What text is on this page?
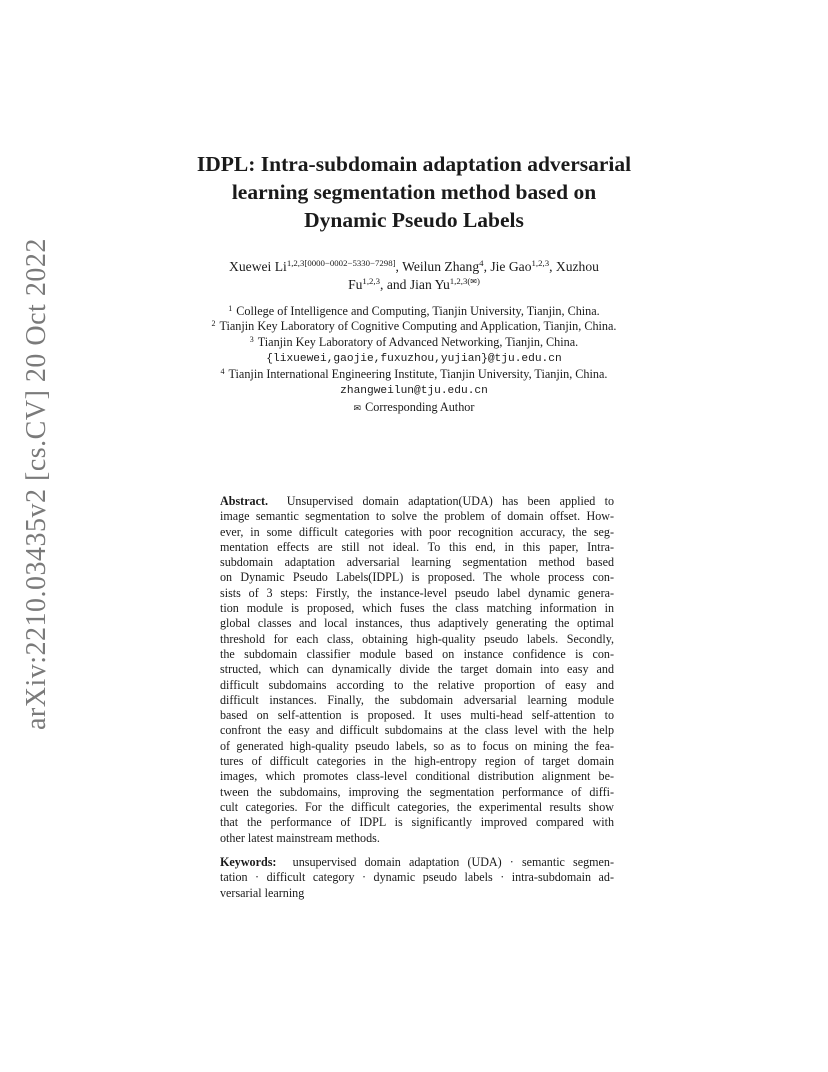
arXiv:2210.03435v2 [cs.CV] 20 Oct 2022
IDPL: Intra-subdomain adaptation adversarial
learning segmentation method based on
Dynamic Pseudo Labels
Xuewei $Li^{1,2,3[0000-0002-5330-7298]}$, Weilun Zhang$^4$, Jie Gao$^{1,2,3}$, Xuzhou
Fu$^{1,2,3}$, and Jian $Yu^{1,2,3(✉)}$
$^1$ College of Intelligence and Computing, Tianjin University, Tianjin, China.
$^2$ Tianjin Key Laboratory of Cognitive Computing and Application, Tianjin, China.
$^3$ Tianjin Key Laboratory of Advanced Networking, Tianjin, China.
{lixuewei,gaojie,fuxuzhou,yujian}@tju.edu.cn
$^4$ Tianjin International Engineering Institute, Tianjin University, Tianjin, China.
zhangweilun@tju.edu.cn
✉ Corresponding Author
Abstract. Unsupervised domain adaptation(UDA) has been applied to
image semantic segmentation to solve the problem of domain offset. How-
ever, in some difficult categories with poor recognition accuracy, the seg-
mentation effects are still not ideal. To this end, in this paper, Intra-
subdomain adaptation adversarial learning segmentation method based
on Dynamic Pseudo Labels(IDPL) is proposed. The whole process con-
sists of 3 steps: Firstly, the instance-level pseudo label dynamic genera-
tion module is proposed, which fuses the class matching information in
global classes and local instances, thus adaptively generating the optimal
threshold for each class, obtaining high-quality pseudo labels. Secondly,
the subdomain classifier module based on instance confidence is con-
structed, which can dynamically divide the target domain into easy and
difficult subdomains according to the relative proportion of easy and
difficult instances. Finally, the subdomain adversarial learning module
based on self-attention is proposed. It uses multi-head self-attention to
confront the easy and difficult subdomains at the class level with the help
of generated high-quality pseudo labels, so as to focus on mining the fea-
tures of difficult categories in the high-entropy region of target domain
images, which promotes class-level conditional distribution alignment be-
tween the subdomains, improving the segmentation performance of diffi-
cult categories. For the difficult categories, the experimental results show
that the performance of IDPL is significantly improved compared with
other latest mainstream methods.
Keywords: unsupervised domain adaptation (UDA) · semantic segmen-
tation · difficult category · dynamic pseudo labels · intra-subdomain ad-
versarial learning
